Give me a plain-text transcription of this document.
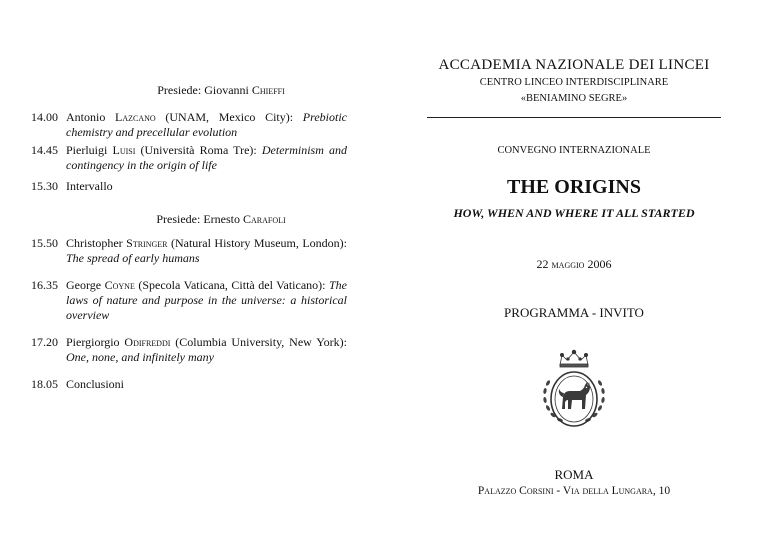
Presiede: Giovanni Chieffi
14.00 Antonio Lazcano (UNAM, Mexico City): Prebiotic chemistry and precellular evolution
14.45 Pierluigi Luisi (Università Roma Tre): Determinism and contingency in the origin of life
15.30 Intervallo
Presiede: Ernesto Carafoli
15.50 Christopher Stringer (Natural History Museum, London): The spread of early humans
16.35 George Coyne (Specola Vaticana, Città del Vaticano): The laws of nature and purpose in the universe: a historical overview
17.20 Piergiorgio Odifreddi (Columbia University, New York): One, none, and infinitely many
18.05 Conclusioni
ACCADEMIA NAZIONALE DEI LINCEI
CENTRO LINCEO INTERDISCIPLINARE
«BENIAMINO SEGRE»
CONVEGNO INTERNAZIONALE
THE ORIGINS
HOW, WHEN AND WHERE IT ALL STARTED
22 maggio 2006
PROGRAMMA - INVITO
ROMA
Palazzo Corsini - Via della Lungara, 10
